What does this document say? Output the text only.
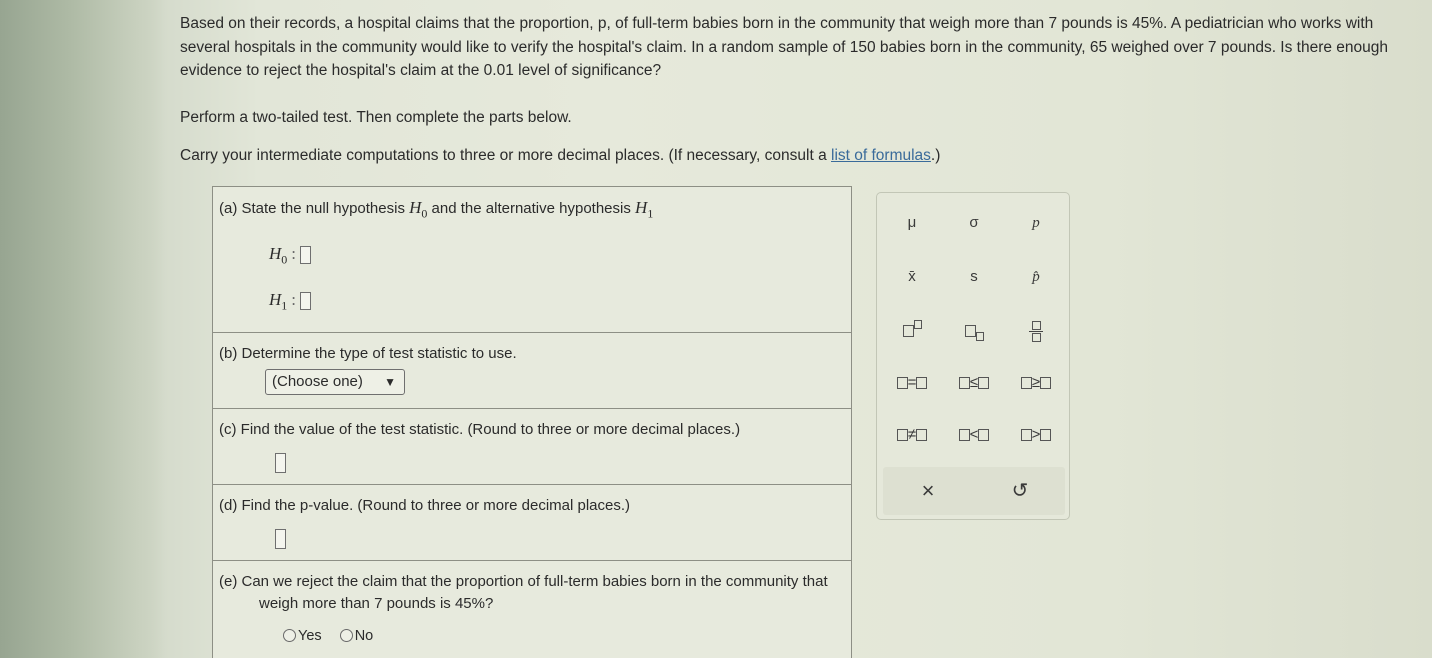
Based on their records, a hospital claims that the proportion, p, of full-term babies born in the community that weigh more than 7 pounds is 45%. A pediatrician who works with several hospitals in the community would like to verify the hospital's claim. In a random sample of 150 babies born in the community, 65 weighed over 7 pounds. Is there enough evidence to reject the hospital's claim at the 0.01 level of significance?

Perform a two-tailed test. Then complete the parts below.

Carry your intermediate computations to three or more decimal places. (If necessary, consult a list of formulas.)

(a) State the null hypothesis $H_0$ and the alternative hypothesis $H_1$
$H_0$ :
$H_1$ :
(b) Determine the type of test statistic to use.
(Choose one) ▼
(c) Find the value of the test statistic. (Round to three or more decimal places.)
(d) Find the p-value. (Round to three or more decimal places.)
(e) Can we reject the claim that the proportion of full-term babies born in the community that weigh more than 7 pounds is 45%?
Yes No
μ	σ	p
x̄	s	p̂
=	≤	≥
≠	<	>
×	↺
